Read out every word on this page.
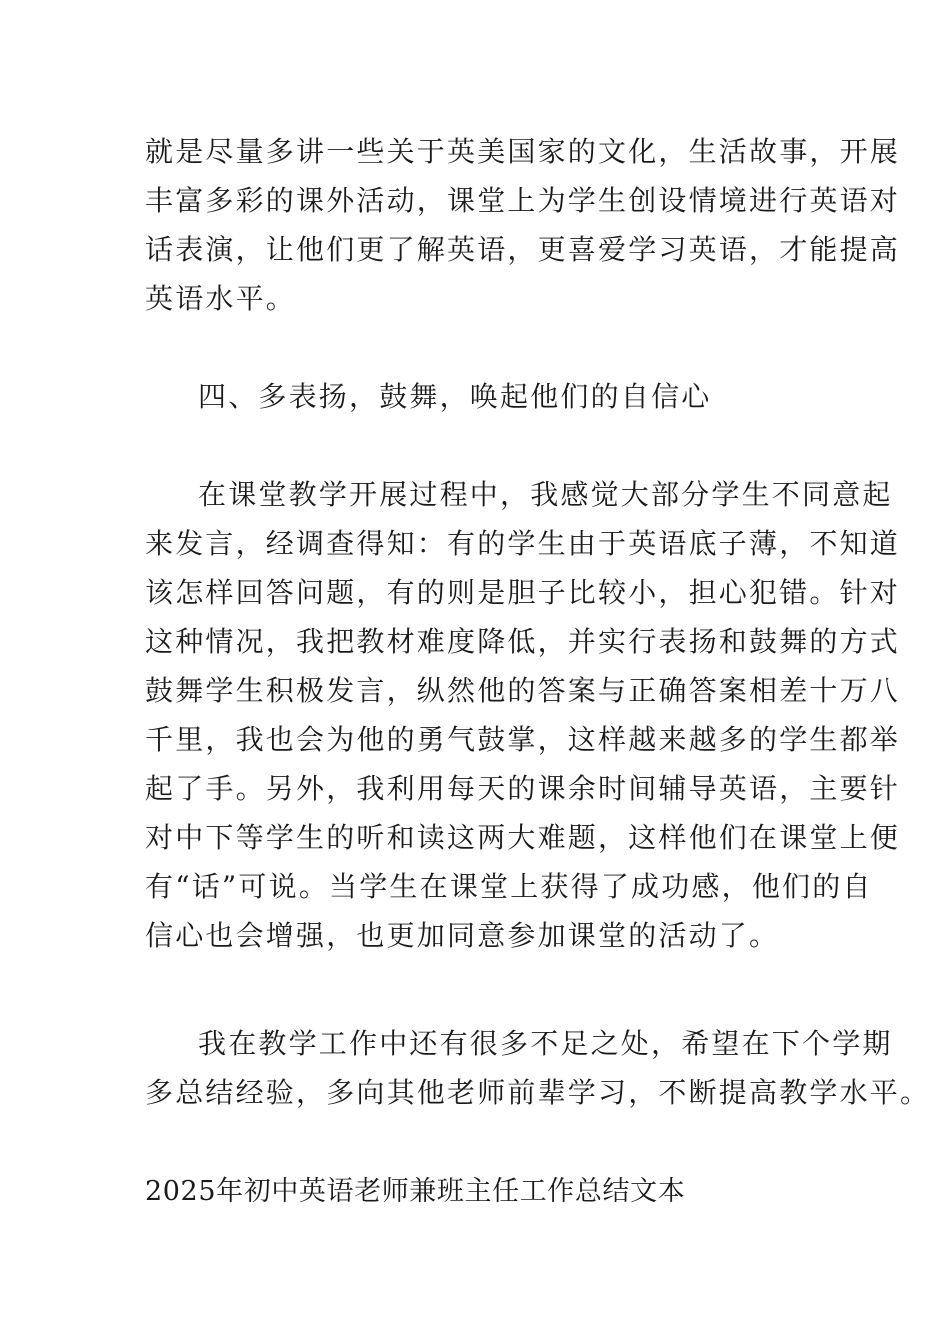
就是尽量多讲一些关于英美国家的文化，生活故事，开展
丰富多彩的课外活动，课堂上为学生创设情境进行英语对
话表演，让他们更了解英语，更喜爱学习英语，才能提高
英语水平。

四、多表扬，鼓舞，唤起他们的自信心

在课堂教学开展过程中，我感觉大部分学生不同意起
来发言，经调查得知：有的学生由于英语底子薄，不知道
该怎样回答问题，有的则是胆子比较小，担心犯错。针对
这种情况，我把教材难度降低，并实行表扬和鼓舞的方式
鼓舞学生积极发言，纵然他的答案与正确答案相差十万八
千里，我也会为他的勇气鼓掌，这样越来越多的学生都举
起了手。另外，我利用每天的课余时间辅导英语，主要针
对中下等学生的听和读这两大难题，这样他们在课堂上便
有“话”可说。当学生在课堂上获得了成功感，他们的自
信心也会增强，也更加同意参加课堂的活动了。

我在教学工作中还有很多不足之处，希望在下个学期
多总结经验，多向其他老师前辈学习，不断提高教学水平。

2025年初中英语老师兼班主任工作总结文本
